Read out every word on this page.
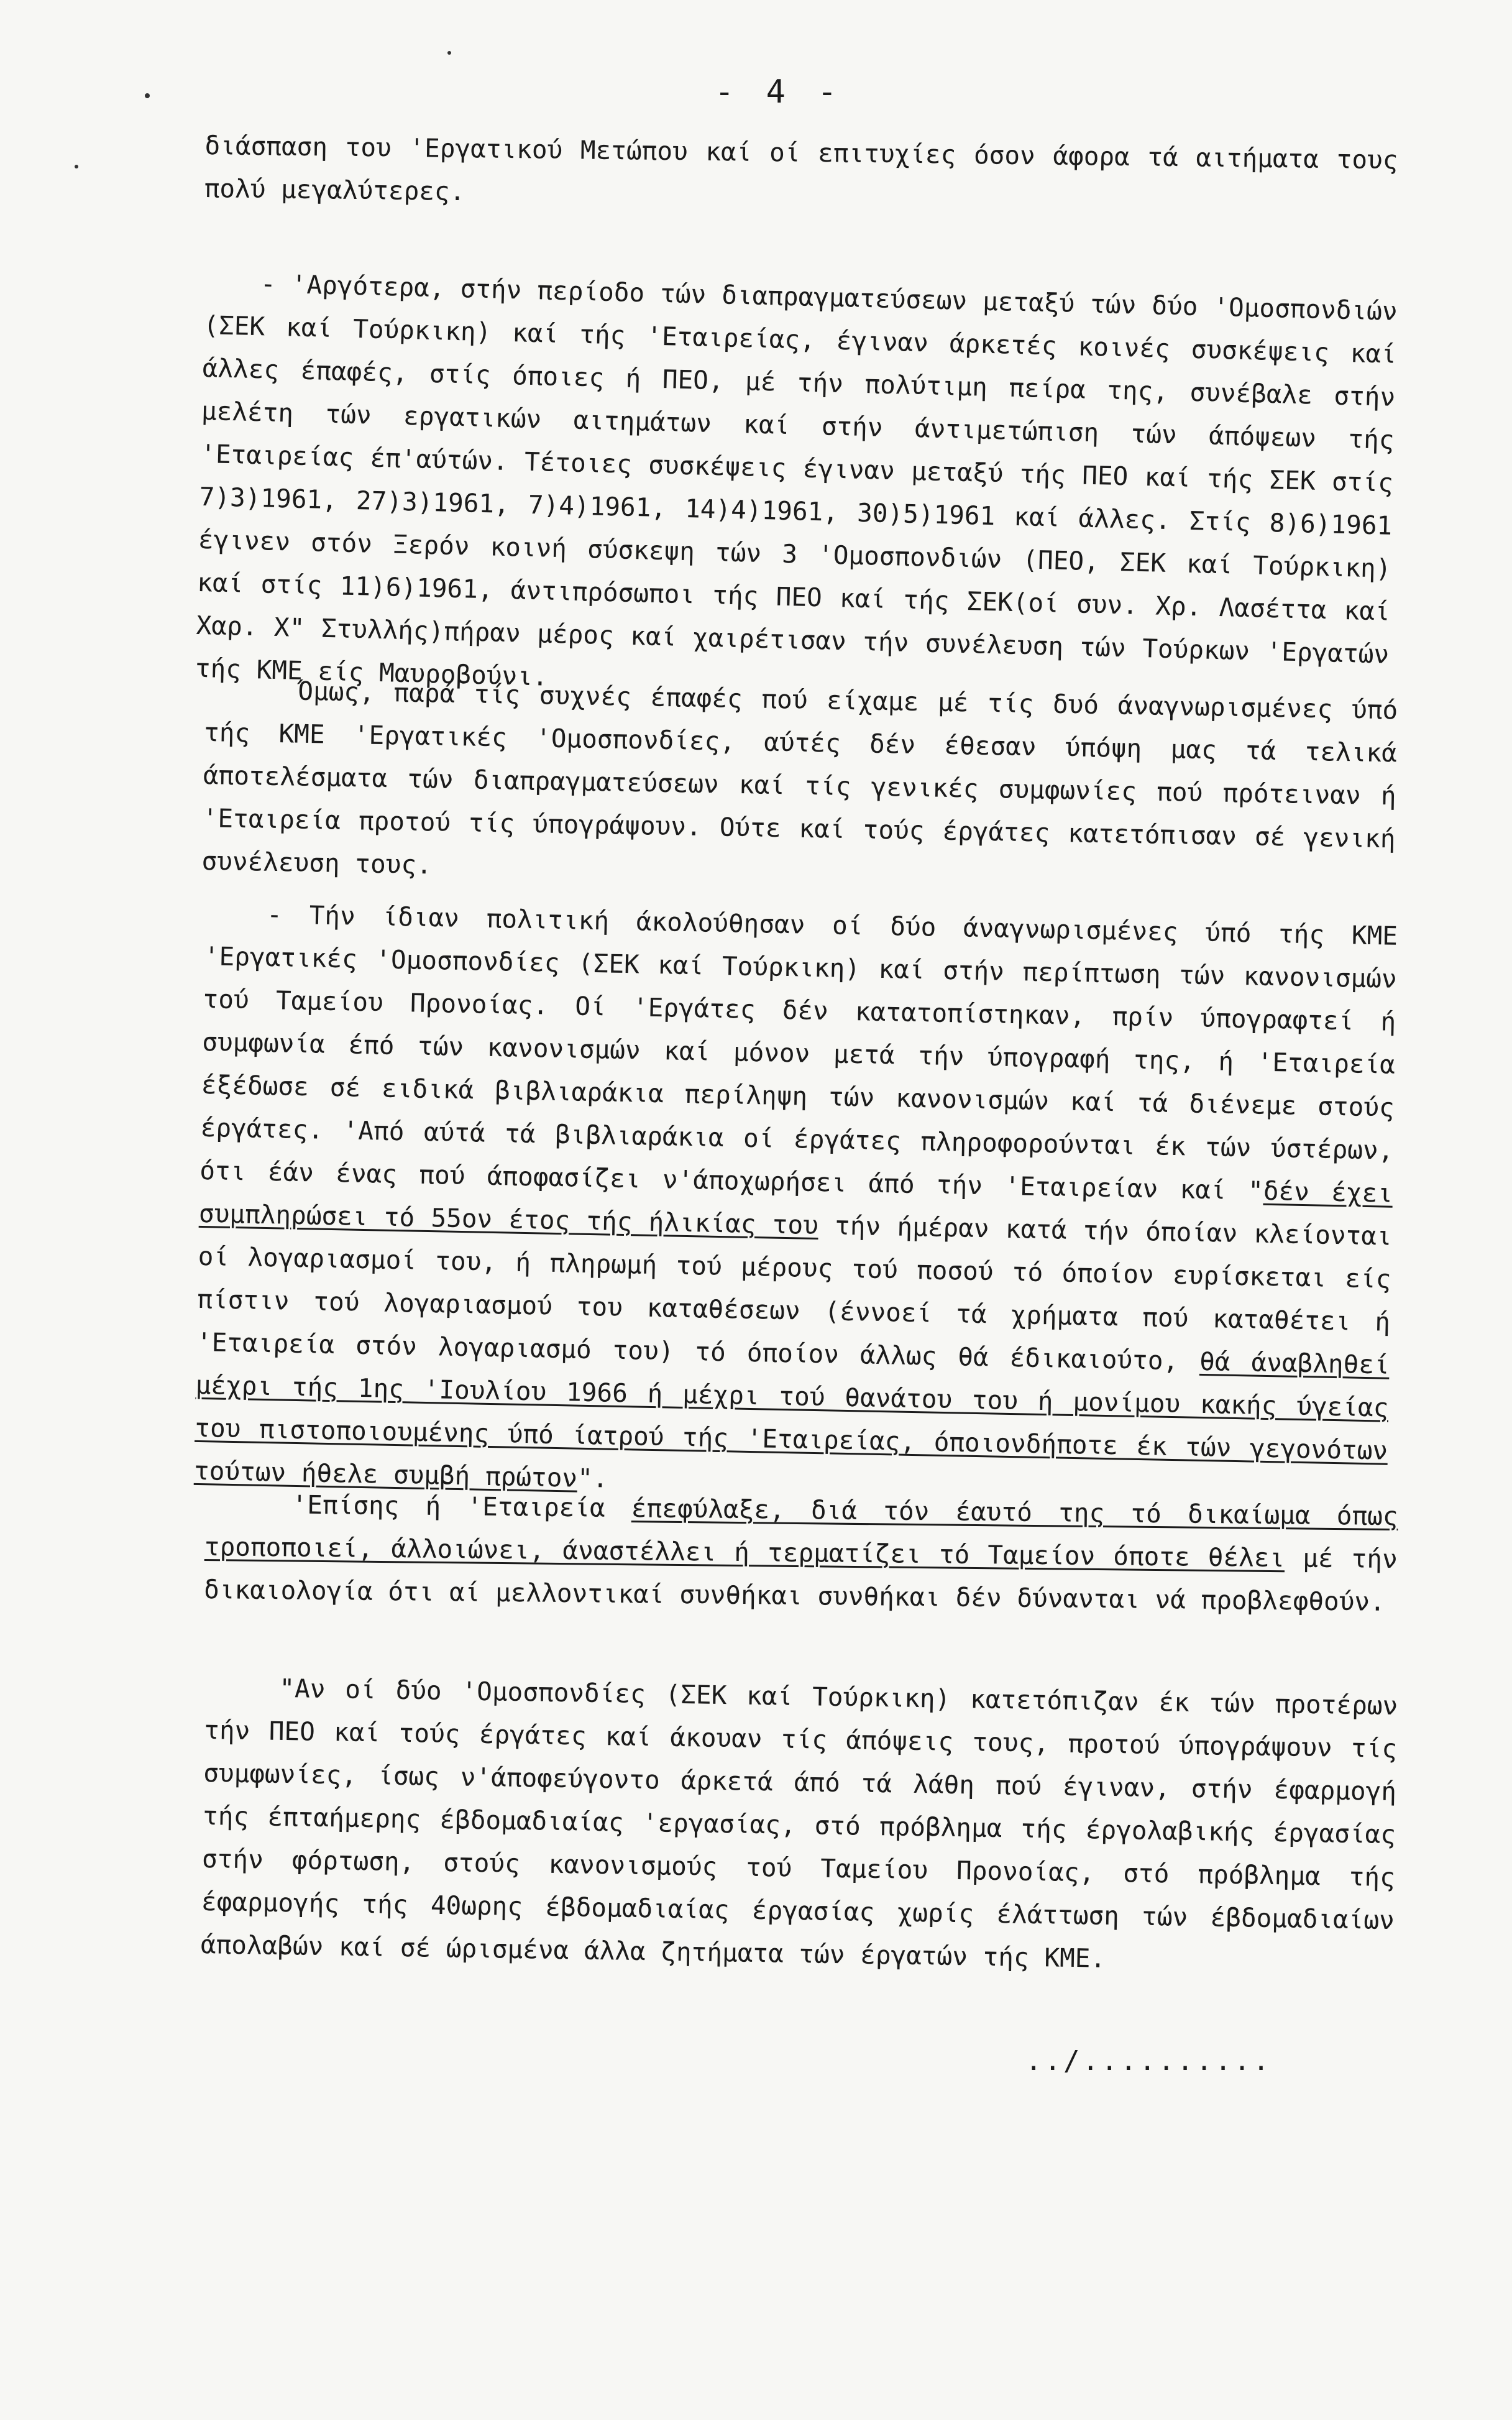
- 4 -

διάσπαση του 'Εργατικού Μετώπου καί οί επιτυχίες όσον άφορα τά αιτήματα τους πολύ μεγαλύτερες.

- 'Αργότερα, στήν περίοδο τών διαπραγματεύσεων μεταξύ τών δύο 'Ομοσπονδιών (ΣΕΚ καί Τούρκικη) καί τής 'Εταιρείας, έγιναν άρκετές κοινές συσκέψεις καί άλλες έπαφές, στίς όποιες ή ΠΕΟ, μέ τήν πολύτιμη πείρα της, συνέβαλε στήν μελέτη τών εργατικών αιτημάτων καί στήν άντιμετώπιση τών άπόψεων τής 'Εταιρείας έπ'αύτών. Τέτοιες συσκέψεις έγιναν μεταξύ τής ΠΕΟ καί τής ΣΕΚ στίς 7)3)1961, 27)3)1961, 7)4)1961, 14)4)1961, 30)5)1961 καί άλλες. Στίς 8)6)1961 έγινεν στόν Ξερόν κοινή σύσκεψη τών 3 'Ομοσπονδιών (ΠΕΟ, ΣΕΚ καί Τούρκικη) καί στίς 11)6)1961, άντιπρόσωποι τής ΠΕΟ καί τής ΣΕΚ(οί συν. Χρ. Λασέττα καί Χαρ. Χ" Στυλλής)πήραν μέρος καί χαιρέτισαν τήν συνέλευση τών Τούρκων 'Εργατών τής ΚΜΕ είς Μαυροβούνι.

Όμως, παρά τίς συχνές έπαφές πού είχαμε μέ τίς δυό άναγνωρισμένες ύπό τής ΚΜΕ 'Εργατικές 'Ομοσπονδίες, αύτές δέν έθεσαν ύπόψη μας τά τελικά άποτελέσματα τών διαπραγματεύσεων καί τίς γενικές συμφωνίες πού πρότειναν ή 'Εταιρεία προτού τίς ύπογράψουν. Ούτε καί τούς έργάτες κατετόπισαν σέ γενική συνέλευση τους.

- Τήν ίδιαν πολιτική άκολούθησαν οί δύο άναγνωρισμένες ύπό τής ΚΜΕ 'Εργατικές 'Ομοσπονδίες (ΣΕΚ καί Τούρκικη) καί στήν περίπτωση τών κανονισμών τού Ταμείου Προνοίας. Οί 'Εργάτες δέν κατατοπίστηκαν, πρίν ύπογραφτεί ή συμφωνία έπό τών κανονισμών καί μόνον μετά τήν ύπογραφή της, ή 'Εταιρεία έξέδωσε σέ ειδικά βιβλιαράκια περίληψη τών κανονισμών καί τά διένεμε στούς έργάτες. 'Από αύτά τά βιβλιαράκια οί έργάτες πληροφορούνται έκ τών ύστέρων, ότι έάν ένας πού άποφασίζει ν'άποχωρήσει άπό τήν 'Εταιρείαν καί "δέν έχει συμπληρώσει τό 55ον έτος τής ήλικίας του τήν ήμέραν κατά τήν όποίαν κλείονται οί λογαριασμοί του, ή πληρωμή τού μέρους τού ποσού τό όποίον ευρίσκεται είς πίστιν τού λογαριασμού του καταθέσεων (έννοεί τά χρήματα πού καταθέτει ή 'Εταιρεία στόν λογαριασμό του) τό όποίον άλλως θά έδικαιούτο, θά άναβληθεί μέχρι τής 1ης 'Ιουλίου 1966 ή μέχρι τού θανάτου του ή μονίμου κακής ύγείας του πιστοποιουμένης ύπό ίατρού τής 'Εταιρείας, όποιονδήποτε έκ τών γεγονότων τούτων ήθελε συμβή πρώτον".

'Επίσης ή 'Εταιρεία έπεφύλαξε, διά τόν έαυτό της τό δικαίωμα όπως τροποποιεί, άλλοιώνει, άναστέλλει ή τερματίζει τό Ταμείον όποτε θέλει μέ τήν δικαιολογία ότι αί μελλοντικαί συνθήκαι συνθήκαι δέν δύνανται νά προβλεφθούν.

"Αν οί δύο 'Ομοσπονδίες (ΣΕΚ καί Τούρκικη) κατετόπιζαν έκ τών προτέρων τήν ΠΕΟ καί τούς έργάτες καί άκουαν τίς άπόψεις τους, προτού ύπογράψουν τίς συμφωνίες, ίσως ν'άποφεύγοντο άρκετά άπό τά λάθη πού έγιναν, στήν έφαρμογή τής έπταήμερης έβδομαδιαίας 'εργασίας, στό πρόβλημα τής έργολαβικής έργασίας στήν φόρτωση, στούς κανονισμούς τού Ταμείου Προνοίας, στό πρόβλημα τής έφαρμογής τής 40ωρης έβδομαδιαίας έργασίας χωρίς έλάττωση τών έβδομαδιαίων άπολαβών καί σέ ώρισμένα άλλα ζητήματα τών έργατών τής ΚΜΕ.

../..........
